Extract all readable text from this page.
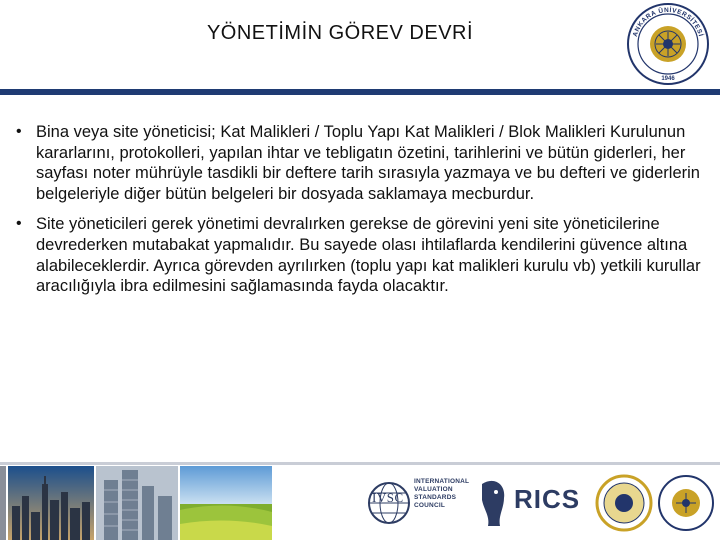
YÖNETİMİN GÖREV DEVRİ
1946
ANKARA ÜNİVERSİTESİ
• Bina veya site yöneticisi; Kat Malikleri / Toplu Yapı Kat Malikleri / Blok Malikleri Kurulunun kararlarını, protokolleri, yapılan ihtar ve tebligatın özetini, tarihlerini ve bütün giderleri, her sayfası noter mührüyle tasdikli bir deftere tarih sırasıyla yazmaya ve bu defteri ve giderlerin belgeleriyle diğer bütün belgeleri bir dosyada saklamaya mecburdur.
• Site yöneticileri gerek yönetimi devralırken gerekse de görevini yeni site yöneticilerine devrederken mutabakat yapmalıdır. Bu sayede olası ihtilaflarda kendilerini güvence altına alabileceklerdir. Ayrıca görevden ayrılırken (toplu yapı kat malikleri kurulu vb) yetkili kurullar aracılığıyla ibra edilmesini sağlamasında fayda olacaktır.
IVSC
INTERNATIONAL VALUATION STANDARDS COUNCIL	RICS
